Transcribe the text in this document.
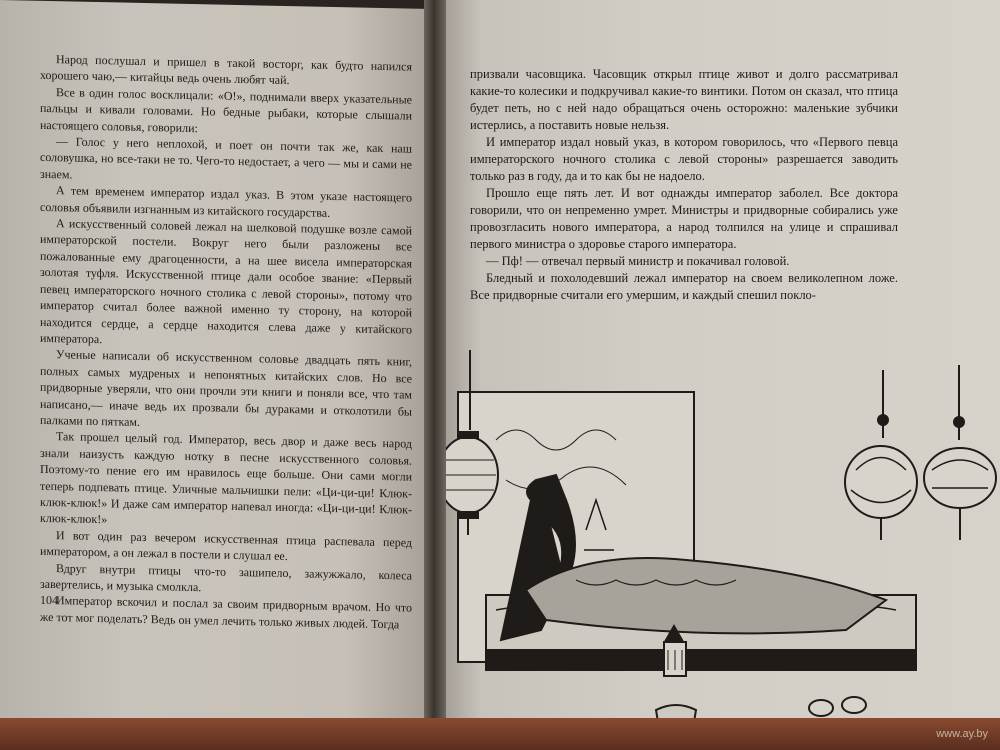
Народ послушал и пришел в такой восторг, как будто напился хорошего чаю,— китайцы ведь очень любят чай.

Все в один голос восклицали: «О!», поднимали вверх указательные пальцы и кивали головами. Но бедные рыбаки, которые слышали настоящего соловья, говорили:

— Голос у него неплохой, и поет он почти так же, как наш соловушка, но все-таки не то. Чего-то недостает, а чего — мы и сами не знаем.

А тем временем император издал указ. В этом указе настоящего соловья объявили изгнанным из китайского государства.

А искусственный соловей лежал на шелковой подушке возле самой императорской постели. Вокруг него были разложены все пожалованные ему драгоценности, а на шее висела императорская золотая туфля. Искусственной птице дали особое звание: «Первый певец императорского ночного столика с левой стороны», потому что император считал более важной именно ту сторону, на которой находится сердце, а сердце находится слева даже у китайского императора.

Ученые написали об искусственном соловье двадцать пять книг, полных самых мудреных и непонятных китайских слов. Но все придворные уверяли, что они прочли эти книги и поняли все, что там написано,— иначе ведь их прозвали бы дураками и отколотили бы палками по пяткам.

Так прошел целый год. Император, весь двор и даже весь народ знали наизусть каждую нотку в песне искусственного соловья. Поэтому-то пение его им нравилось еще больше. Они сами могли теперь подпевать птице. Уличные мальчишки пели: «Ци-ци-ци! Клюк-клюк-клюк!» И даже сам император напевал иногда: «Ци-ци-ци! Клюк-клюк-клюк!»

И вот один раз вечером искусственная птица распевала перед императором, а он лежал в постели и слушал ее.

Вдруг внутри птицы что-то зашипело, зажужжало, колеса завертелись, и музыка смолкла.

Император вскочил и послал за своим придворным врачом. Но что же тот мог поделать? Ведь он умел лечить только живых людей. Тогда

104

призвали часовщика. Часовщик открыл птице живот и долго рассматривал какие-то колесики и подкручивал какие-то винтики. Потом он сказал, что птица будет петь, но с ней надо обращаться очень осторожно: маленькие зубчики истерлись, а поставить новые нельзя.

И император издал новый указ, в котором говорилось, что «Первого певца императорского ночного столика с левой стороны» разрешается заводить только раз в году, да и то как бы не надоело.

Прошло еще пять лет. И вот однажды император заболел. Все доктора говорили, что он непременно умрет. Министры и придворные собирались уже провозгласить нового императора, а народ толпился на улице и спрашивал первого министра о здоровье старого императора.

— Пф! — отвечал первый министр и покачивал головой.

Бледный и похолодевший лежал император на своем великолепном ложе. Все придворные считали его умершим, и каждый спешил покло-

www.ay.by
